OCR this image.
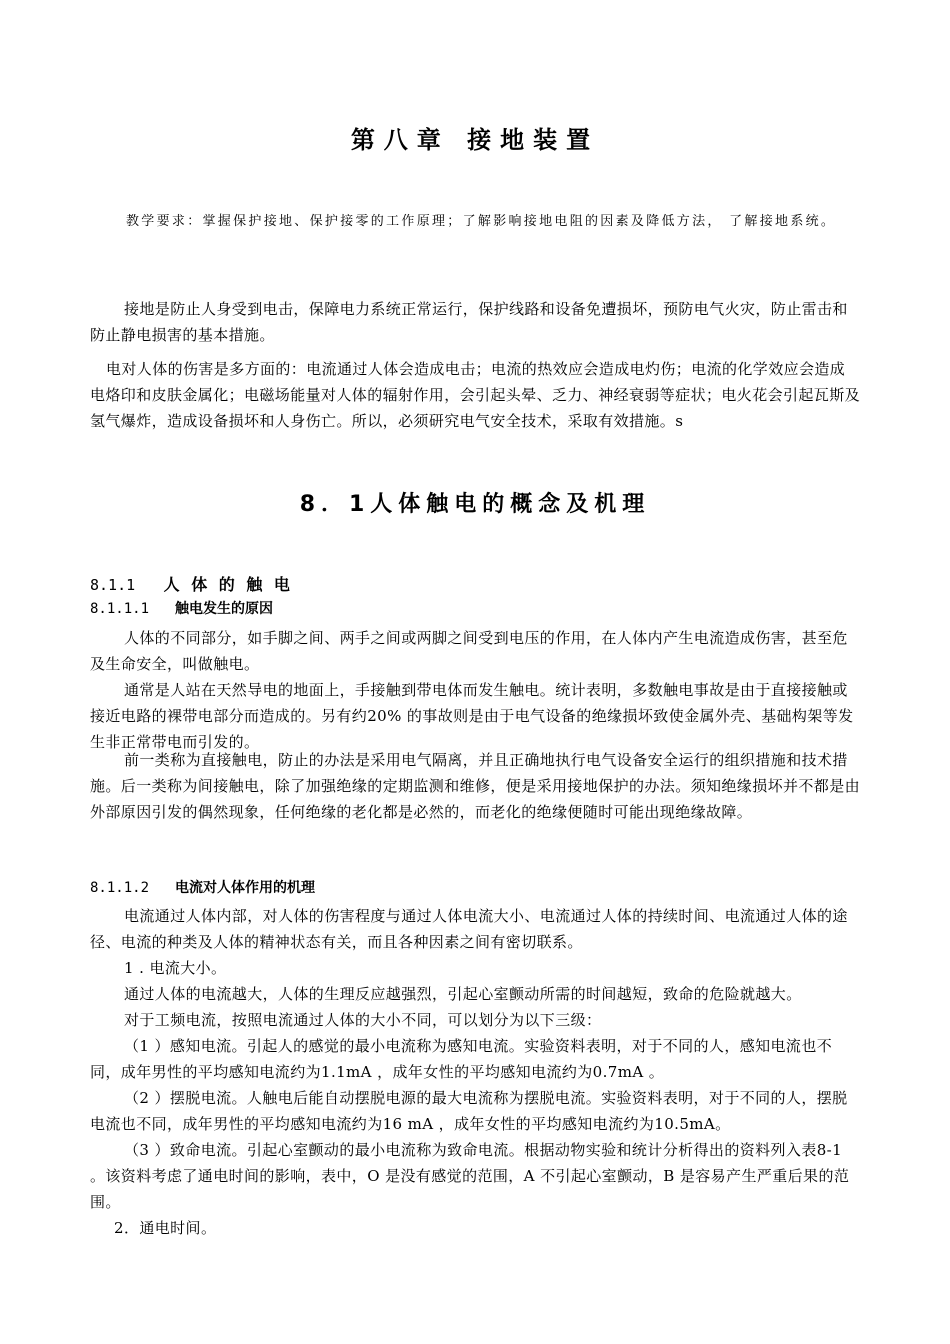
第八章 接地装置
教学要求：掌握保护接地、保护接零的工作原理；了解影响接地电阻的因素及降低方法， 了解接地系统。
接地是防止人身受到电击，保障电力系统正常运行，保护线路和设备免遭损坏，预防电气火灾，防止雷击和防止静电损害的基本措施。
电对人体的伤害是多方面的：电流通过人体会造成电击；电流的热效应会造成电灼伤；电流的化学效应会造成电烙印和皮肤金属化；电磁场能量对人体的辐射作用，会引起头晕、乏力、神经衰弱等症状；电火花会引起瓦斯及氢气爆炸，造成设备损坏和人身伤亡。所以，必须研究电气安全技术，采取有效措施。s
8．1人体触电的概念及机理
8.1.1 人 体 的 触 电
8.1.1.1 触电发生的原因
人体的不同部分，如手脚之间、两手之间或两脚之间受到电压的作用，在人体内产生电流造成伤害，甚至危及生命安全，叫做触电。
通常是人站在天然导电的地面上，手接触到带电体而发生触电。统计表明，多数触电事故是由于直接接触或接近电路的裸带电部分而造成的。另有约20% 的事故则是由于电气设备的绝缘损坏致使金属外壳、基础构架等发生非正常带电而引发的。
前一类称为直接触电，防止的办法是采用电气隔离，并且正确地执行电气设备安全运行的组织措施和技术措施。后一类称为间接触电，除了加强绝缘的定期监测和维修，便是采用接地保护的办法。须知绝缘损坏并不都是由外部原因引发的偶然现象，任何绝缘的老化都是必然的，而老化的绝缘便随时可能出现绝缘故障。
8.1.1.2 电流对人体作用的机理
电流通过人体内部，对人体的伤害程度与通过人体电流大小、电流通过人体的持续时间、电流通过人体的途径、电流的种类及人体的精神状态有关，而且各种因素之间有密切联系。
1 . 电流大小。
通过人体的电流越大，人体的生理反应越强烈，引起心室颤动所需的时间越短，致命的危险就越大。
对于工频电流，按照电流通过人体的大小不同，可以划分为以下三级：
（1 ）感知电流。引起人的感觉的最小电流称为感知电流。实验资料表明，对于不同的人，感知电流也不同，成年男性的平均感知电流约为1.1mA ，成年女性的平均感知电流约为0.7mA 。
（2 ）摆脱电流。人触电后能自动摆脱电源的最大电流称为摆脱电流。实验资料表明，对于不同的人，摆脱电流也不同，成年男性的平均感知电流约为16 mA ，成年女性的平均感知电流约为10.5mA。
（3 ）致命电流。引起心室颤动的最小电流称为致命电流。根据动物实验和统计分析得出的资料列入表8-1 。该资料考虑了通电时间的影响，表中，O 是没有感觉的范围，A 不引起心室颤动，B 是容易产生严重后果的范围。
2．通电时间。
